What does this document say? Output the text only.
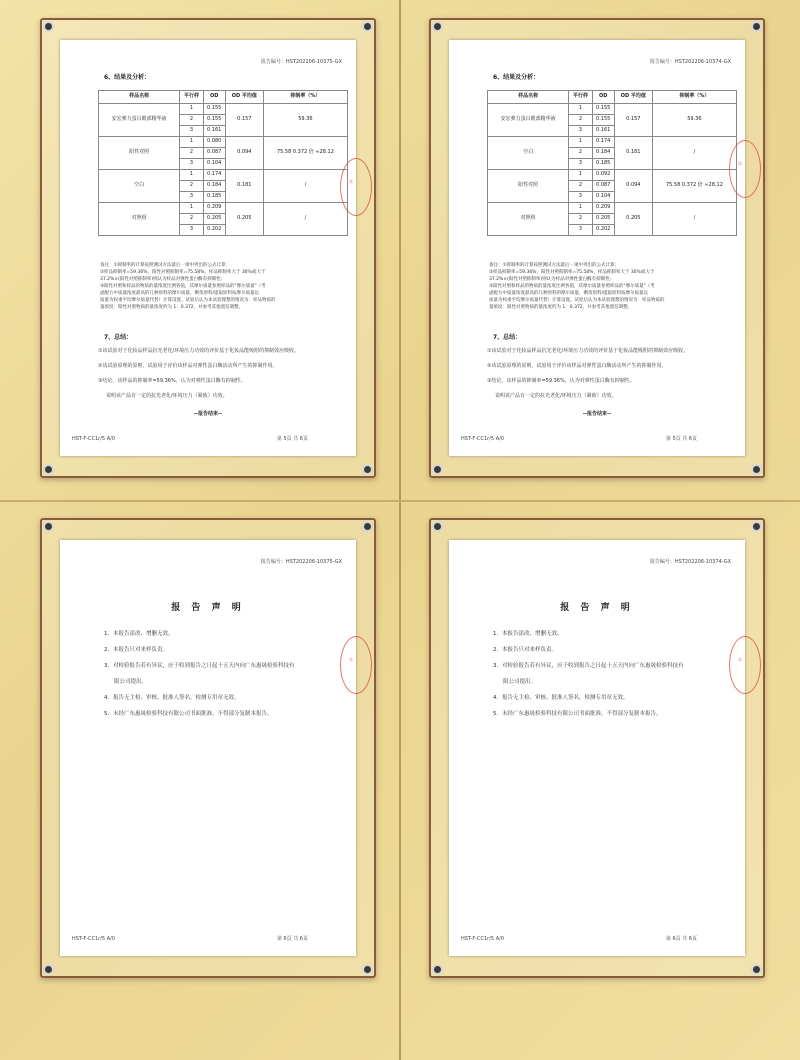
报告编号：HST202206-10375-GX
6、结果及分析：
样品名称	平行样	OD	OD 平均值	抑制率（%）
安宏弹力蛋白眼部精华液	1	0.155	0.157	59.36
	2	0.155		
	3	0.161		
阳性对照	1	0.080	0.094	75.58 0.372 倍 ≈28.12
	2	0.087		
	3	0.104		
空白	1	0.174	0.181	/
	2	0.184		
	3	0.185		
对照组	1	0.209	0.205	/
	2	0.205		
	3	0.202		
备注：①抑制率的计算按照测试方法最后一项中列出的公式计算；
②样品抑制率=59.36%，阳性对照抑制率=75.58%，样品抑制率大于 30%或大于
37.2%×(阳性对照抑制率)则认为样品对弹性蛋白酶有抑制性；
③阳性对照和样品的物质的量浓度比例各值，其摩尔质量参照样品的"摩尔质量"（考
虑配方中质量浓度最高的几种原料的摩尔质量，剩余原料/提取原料按摩尔质量以
质量为权重平均摩尔质量代替）计算设置。试验后认为本试验理想的情况为：样品物质的
量浓度：阳性对照物质的量浓度约为 1：0.372，并参考其他置信调整。
7、总结：
①该试验对于化妆品样品抗光老化/环境压力功效的评价基于化妆品能吸附的抑制效应吸收。
②该试验原理的原则，试验用于评价该样品对弹性蛋白酶活动所产生的抑制作用。
③结论，该样品的抑制率=59.36%，认为对弹性蛋白酶有抑制性。
说明该产品有一定的抗光老化/环境压力（紧致）功效。
--报告结束--
HST-F-CC1r/5 A/0	第 5页 共 6页
章
报告编号：HST202206-10374-GX
6、结果及分析：
样品名称	平行样	OD	OD 平均值	抑制率（%）
安宏弹力蛋白眼部精华液	1	0.155	0.157	59.36
	2	0.155		
	3	0.161		
空白	1	0.174	0.181	/
	2	0.184		
	3	0.185		
阳性对照	1	0.092	0.094	75.58 0.372 倍 ≈28.12
	2	0.087		
	3	0.104		
对照组	1	0.209	0.205	/
	2	0.205		
	3	0.202		
备注：①抑制率的计算按照测试方法最后一项中列出的公式计算；
②样品抑制率=59.36%，阳性对照抑制率=75.58%，样品抑制率大于 30%或大于
37.2%×(阳性对照抑制率)则认为样品对弹性蛋白酶有抑制性；
③阳性对照和样品的物质的量浓度比例各值，其摩尔质量参照样品的"摩尔质量"（考
虑配方中质量浓度最高的几种原料的摩尔质量，剩余原料/提取原料按摩尔质量以
质量为权重平均摩尔质量代替）计算设置。试验后认为本试验理想的情况为：样品物质的
量浓度：阳性对照物质的量浓度约为 1：0.372，并参考其他置信调整。
7、总结：
①该试验对于化妆品样品抗光老化/环境压力功效的评价基于化妆品能吸附的抑制效应吸收。
②该试验原理的原则，试验用于评价该样品对弹性蛋白酶活动所产生的抑制作用。
③结论，该样品的抑制率=59.36%，认为对弹性蛋白酶有抑制性。
说明该产品有一定的抗光老化/环境压力（紧致）功效。
--报告结束--
HST-F-CC1r/5 A/0	第 5页 共 6页
章
报告编号：HST202206-10375-GX
报 告 声 明
1．本报告涂改、增删无效。
2．本报告只对来样负责。
3．对检验报告若有异议，应于收到报告之日起十五天内向广东惠晟检验科技有
限公司提出。
4．报告无主检、审核、批准人签名，检测专用章无效。
5．未经广东惠晟检验科技有限公司书面批准，不得部分复制本报告。
HST-F-CC1r/5 A/0	第 6页 共 6页
章
报告编号：HST202206-10374-GX
报 告 声 明
1．本报告涂改、增删无效。
2．本报告只对来样负责。
3．对检验报告若有异议，应于收到报告之日起十五天内向广东惠晟检验科技有
限公司提出。
4．报告无主检、审核、批准人签名，检测专用章无效。
5．未经广东惠晟检验科技有限公司书面批准，不得部分复制本报告。
HST-F-CC1r/5 A/0	第 6页 共 6页
章
